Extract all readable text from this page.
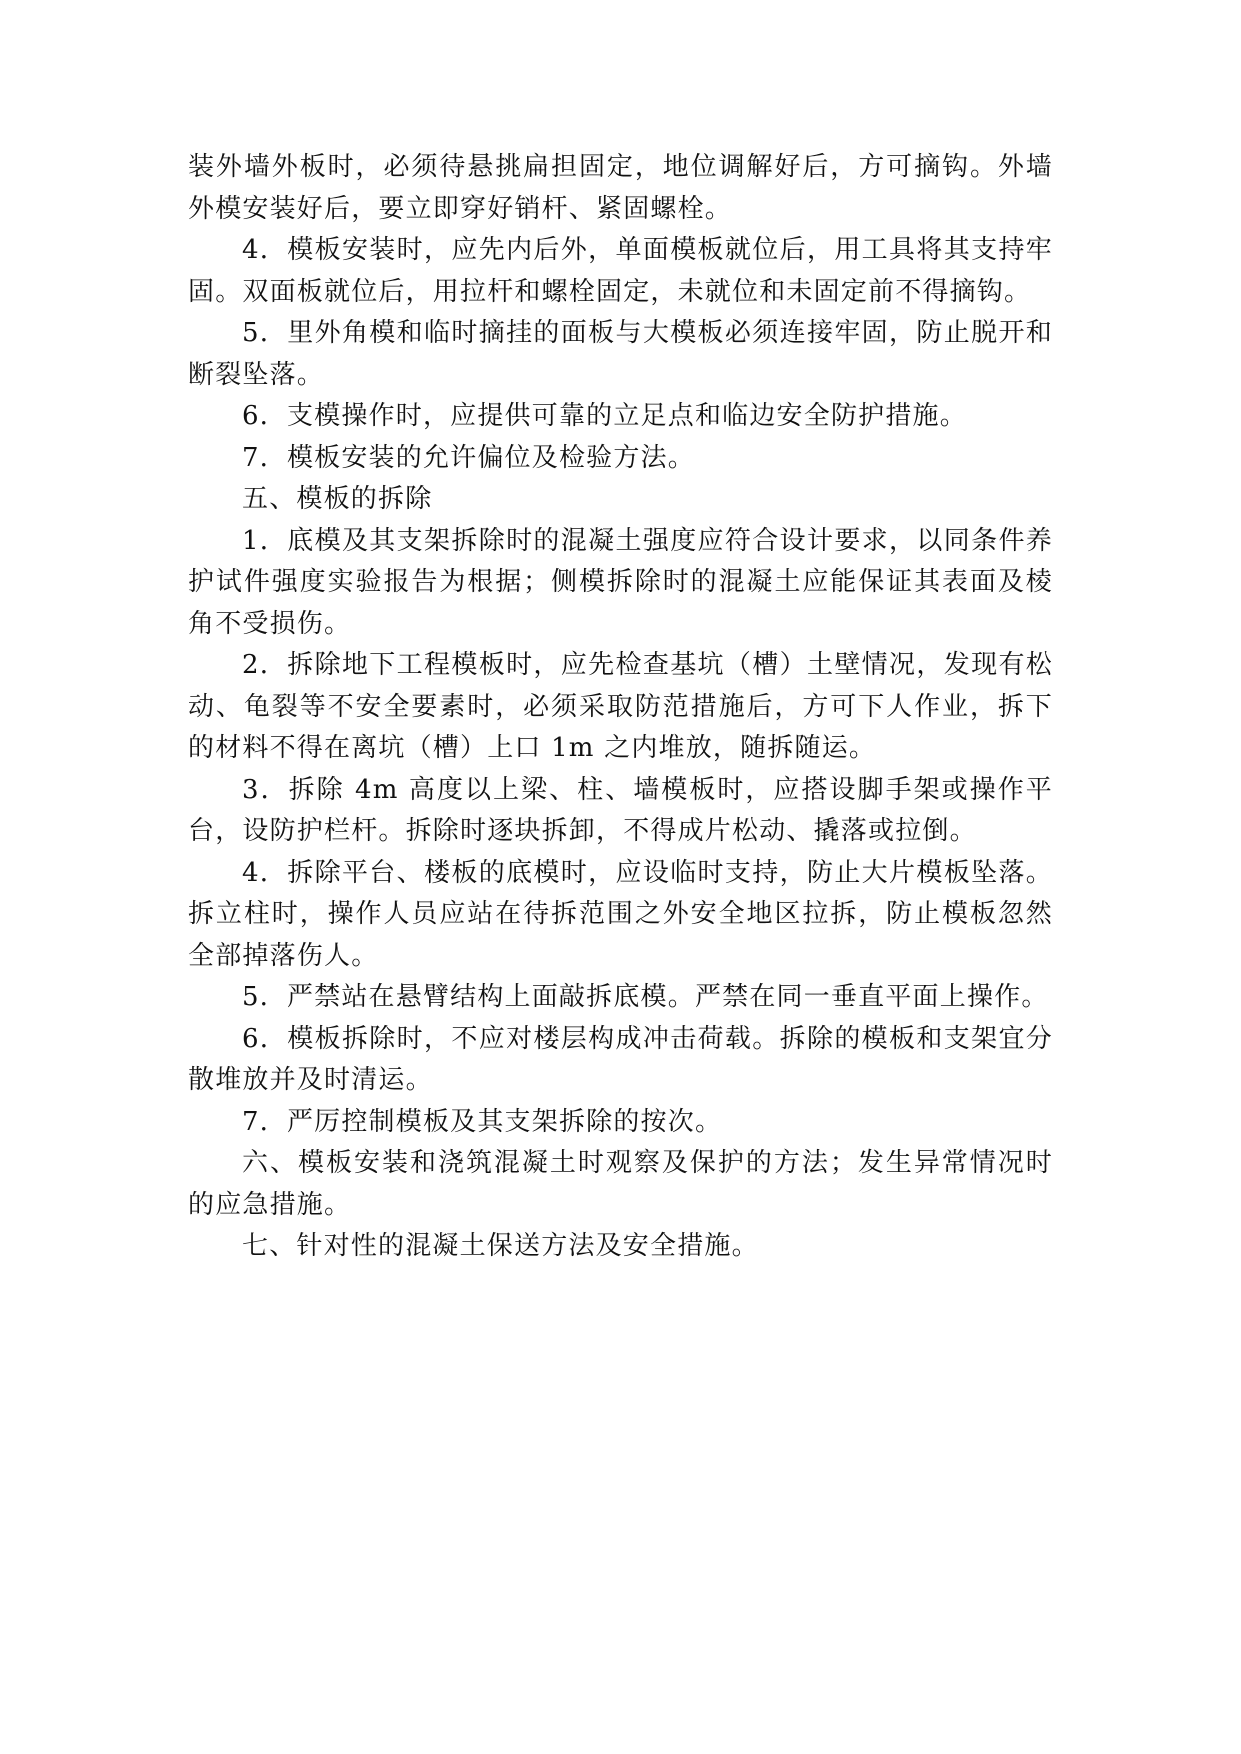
装外墙外板时，必须待悬挑扁担固定，地位调解好后，方可摘钩。外墙外模安装好后，要立即穿好销杆、紧固螺栓。

4．模板安装时，应先内后外，单面模板就位后，用工具将其支持牢固。双面板就位后，用拉杆和螺栓固定，未就位和未固定前不得摘钩。

5．里外角模和临时摘挂的面板与大模板必须连接牢固，防止脱开和断裂坠落。

6．支模操作时，应提供可靠的立足点和临边安全防护措施。

7．模板安装的允许偏位及检验方法。

五、模板的拆除

1．底模及其支架拆除时的混凝土强度应符合设计要求，以同条件养护试件强度实验报告为根据；侧模拆除时的混凝土应能保证其表面及棱角不受损伤。

2．拆除地下工程模板时，应先检查基坑（槽）土壁情况，发现有松动、龟裂等不安全要素时，必须采取防范措施后，方可下人作业，拆下的材料不得在离坑（槽）上口 1m 之内堆放，随拆随运。

3．拆除 4m 高度以上梁、柱、墙模板时，应搭设脚手架或操作平台，设防护栏杆。拆除时逐块拆卸，不得成片松动、撬落或拉倒。

4．拆除平台、楼板的底模时，应设临时支持，防止大片模板坠落。拆立柱时，操作人员应站在待拆范围之外安全地区拉拆，防止模板忽然全部掉落伤人。

5．严禁站在悬臂结构上面敲拆底模。严禁在同一垂直平面上操作。

6．模板拆除时，不应对楼层构成冲击荷载。拆除的模板和支架宜分散堆放并及时清运。

7．严厉控制模板及其支架拆除的按次。

六、模板安装和浇筑混凝土时观察及保护的方法；发生异常情况时的应急措施。

七、针对性的混凝土保送方法及安全措施。
